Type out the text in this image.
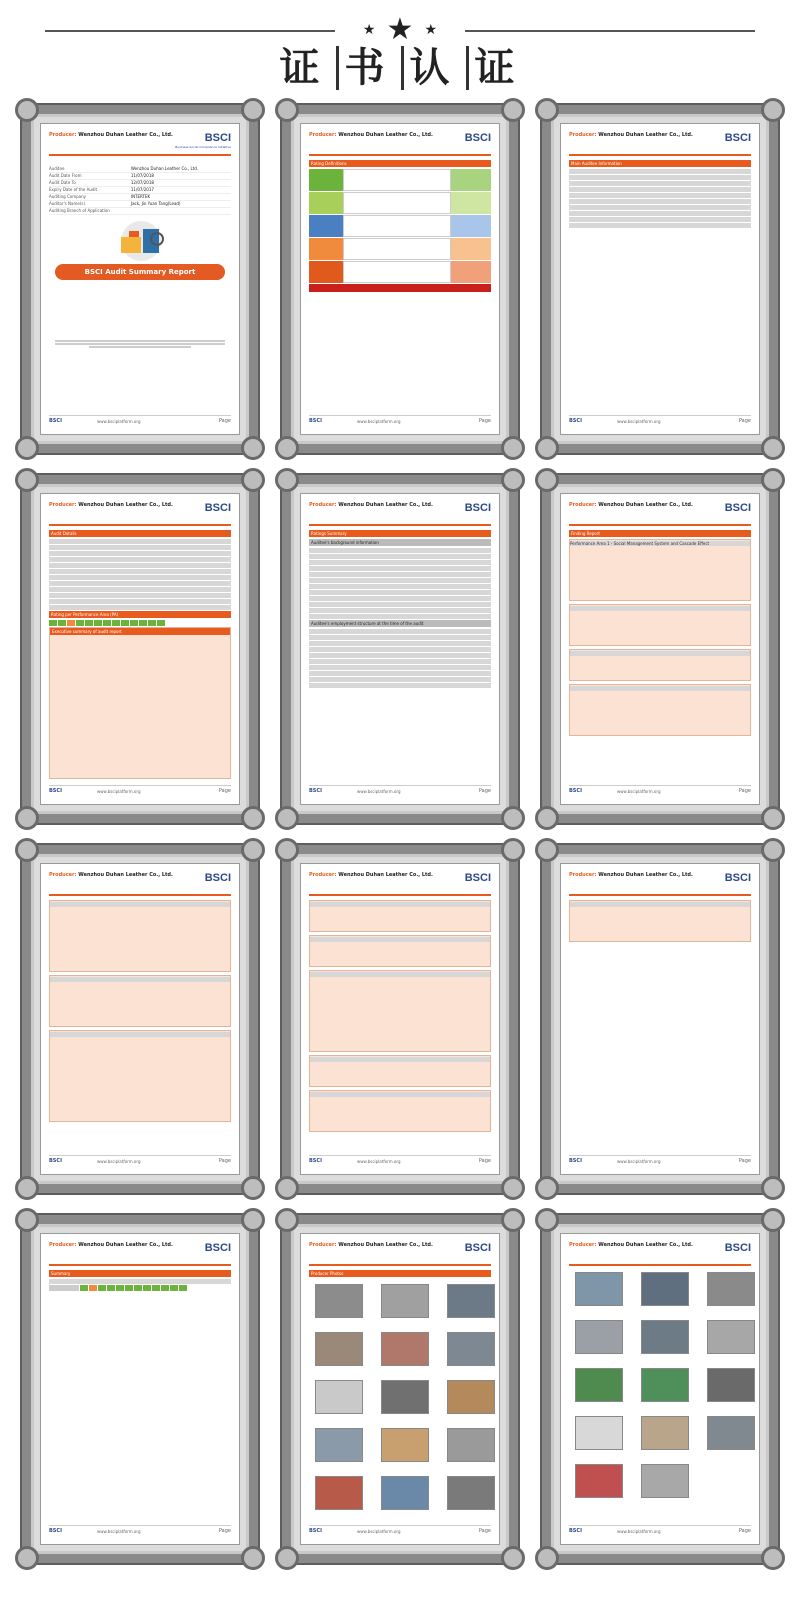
★ ★ ★
证 书 认 证
Producer: Wenzhou Duhan Leather Co., Ltd.	BSCI
Business Social Compliance Initiative
Auditee	Wenzhou Duhan Leather Co., Ltd.
Audit Date From	11/07/2018
Audit Date To	12/07/2018
Expiry Date of the Audit	11/07/2017
Auditing Company	INTERTEK
Auditor's Name(s)	Jack, Jin Yuan Tang(Lead)
Auditing Branch of Application
BSCI Audit Summary Report
BSCI	www.bsciplatform.org	Page
Producer: Wenzhou Duhan Leather Co., Ltd.	BSCI
Rating Definitions
BSCI	www.bsciplatform.org	Page
Producer: Wenzhou Duhan Leather Co., Ltd.	BSCI
Main Auditee Information
BSCI	www.bsciplatform.org	Page
Producer: Wenzhou Duhan Leather Co., Ltd.	BSCI
Audit Details
Rating per Performance Area (PA)
Executive summary of audit report
BSCI	www.bsciplatform.org	Page
Producer: Wenzhou Duhan Leather Co., Ltd.	BSCI
Ratings Summary
Auditee's background information
Auditee's employment structure at the time of the audit
BSCI	www.bsciplatform.org	Page
Producer: Wenzhou Duhan Leather Co., Ltd.	BSCI
Finding Report
Performance Area 1 - Social Management System and Cascade Effect
BSCI	www.bsciplatform.org	Page
Producer: Wenzhou Duhan Leather Co., Ltd.	BSCI
BSCI	www.bsciplatform.org	Page
Producer: Wenzhou Duhan Leather Co., Ltd.	BSCI
BSCI	www.bsciplatform.org	Page
Producer: Wenzhou Duhan Leather Co., Ltd.	BSCI
BSCI	www.bsciplatform.org	Page
Producer: Wenzhou Duhan Leather Co., Ltd.	BSCI
Summary
BSCI	www.bsciplatform.org	Page
Producer: Wenzhou Duhan Leather Co., Ltd.	BSCI
Producer Photos
BSCI	www.bsciplatform.org	Page
Producer: Wenzhou Duhan Leather Co., Ltd.	BSCI
BSCI	www.bsciplatform.org	Page
